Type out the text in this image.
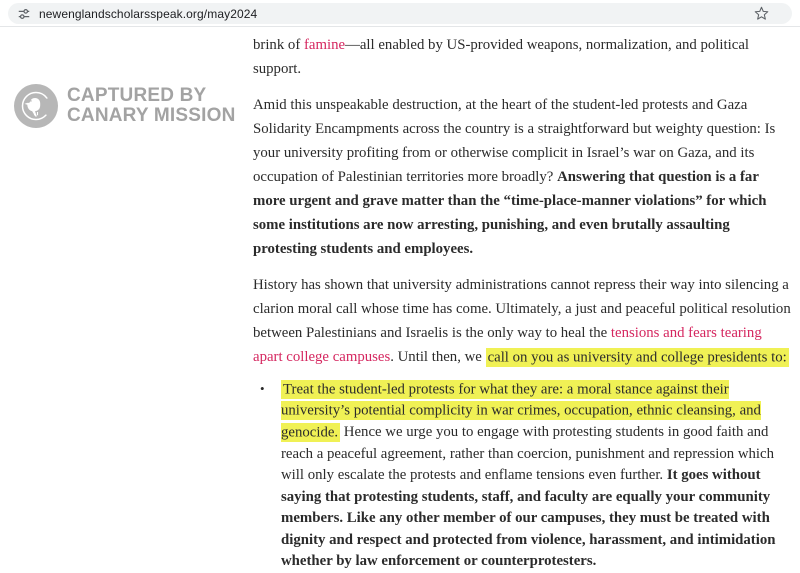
newenglandscholarsspeak.org/may2024
CAPTURED BY
CANARY MISSION

brink of famine—all enabled by US-provided weapons, normalization, and political support.

Amid this unspeakable destruction, at the heart of the student-led protests and Gaza Solidarity Encampments across the country is a straightforward but weighty question: Is your university profiting from or otherwise complicit in Israel’s war on Gaza, and its occupation of Palestinian territories more broadly? Answering that question is a far more urgent and grave matter than the “time-place-manner violations” for which some institutions are now arresting, punishing, and even brutally assaulting protesting students and employees.

History has shown that university administrations cannot repress their way into silencing a clarion moral call whose time has come. Ultimately, a just and peaceful political resolution between Palestinians and Israelis is the only way to heal the tensions and fears tearing apart college campuses. Until then, we call on you as university and college presidents to:

• Treat the student-led protests for what they are: a moral stance against their university’s potential complicity in war crimes, occupation, ethnic cleansing, and genocide. Hence we urge you to engage with protesting students in good faith and reach a peaceful agreement, rather than coercion, punishment and repression which will only escalate the protests and enflame tensions even further. It goes without saying that protesting students, staff, and faculty are equally your community members. Like any other member of our campuses, they must be treated with dignity and respect and protected from violence, harassment, and intimidation whether by law enforcement or counterprotesters.
